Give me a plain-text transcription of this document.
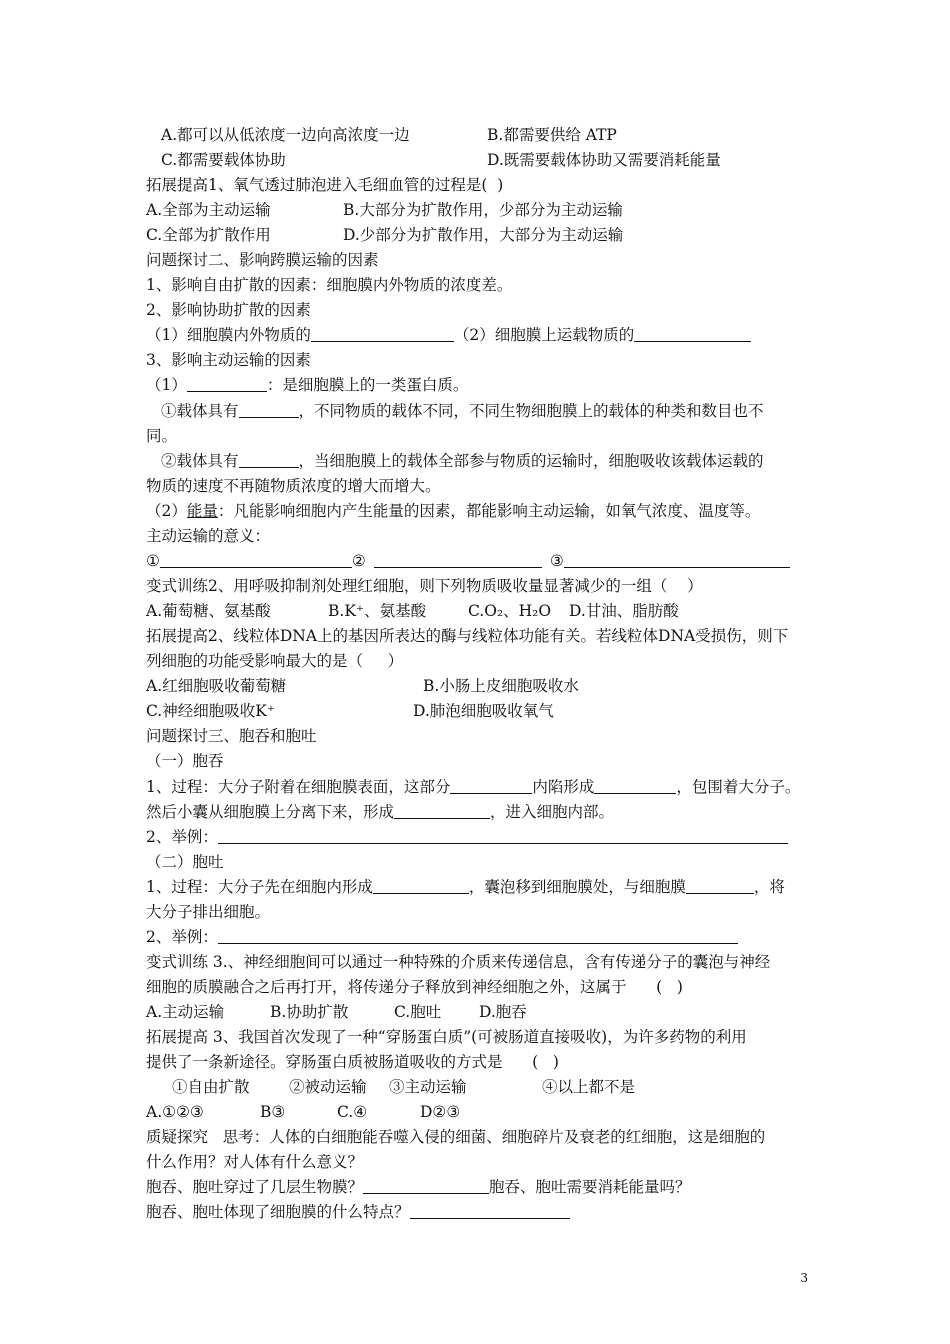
A.都可以从低浓度一边向高浓度一边	B.都需要供给 ATP
C.都需要载体协助	D.既需要载体协助又需要消耗能量
拓展提高1、氧气透过肺泡进入毛细血管的过程是(  )
A.全部为主动运输	B.大部分为扩散作用，少部分为主动运输
C.全部为扩散作用	D.少部分为扩散作用，大部分为主动运输
问题探讨二、影响跨膜运输的因素
1、影响自由扩散的因素：细胞膜内外物质的浓度差。
2、影响协助扩散的因素
（1）细胞膜内外物质的	（2）细胞膜上运载物质的
3、影响主动运输的因素
（1）	：是细胞膜上的一类蛋白质。
①载体具有	，不同物质的载体不同，不同生物细胞膜上的载体的种类和数目也不
同。
②载体具有	，当细胞膜上的载体全部参与物质的运输时，细胞吸收该载体运载的
物质的速度不再随物质浓度的增大而增大。
（2）能量：凡能影响细胞内产生能量的因素，都能影响主动运输，如氧气浓度、温度等。
主动运输的意义：
①	②	③
变式训练2、用呼吸抑制剂处理红细胞，则下列物质吸收量显著减少的一组（    ）
A.葡萄糖、氨基酸	B.K⁺、氨基酸	C.O₂、H₂O D.甘油、脂肪酸
拓展提高2、线粒体DNA上的基因所表达的酶与线粒体功能有关。若线粒体DNA受损伤，则下
列细胞的功能受影响最大的是（     ）
A.红细胞吸收葡萄糖	B.小肠上皮细胞吸收水
C.神经细胞吸收K⁺	D.肺泡细胞吸收氧气
问题探讨三、胞吞和胞吐
（一）胞吞
1、过程：大分子附着在细胞膜表面，这部分	内陷形成	，包围着大分子。
然后小囊从细胞膜上分离下来，形成	，进入细胞内部。
2、举例：
（二）胞吐
1、过程：大分子先在细胞内形成	，囊泡移到细胞膜处，与细胞膜	，将
大分子排出细胞。
2、举例：
变式训练 3.、神经细胞间可以通过一种特殊的介质来传递信息，含有传递分子的囊泡与神经
细胞的质膜融合之后再打开，将传递分子释放到神经细胞之外，这属于      (   )
A.主动运输	B.协助扩散	C.胞吐 D.胞吞
拓展提高 3、我国首次发现了一种“穿肠蛋白质”(可被肠道直接吸收)，为许多药物的利用
提供了一条新途径。穿肠蛋白质被肠道吸收的方式是      (   )
①自由扩散	②被动运输 ③主动运输	④以上都不是
A.①②③	B③	C.④	D②③
质疑探究   思考：人体的白细胞能吞噬入侵的细菌、细胞碎片及衰老的红细胞，这是细胞的
什么作用？对人体有什么意义？
胞吞、胞吐穿过了几层生物膜？	胞吞、胞吐需要消耗能量吗？
胞吞、胞吐体现了细胞膜的什么特点？
3
